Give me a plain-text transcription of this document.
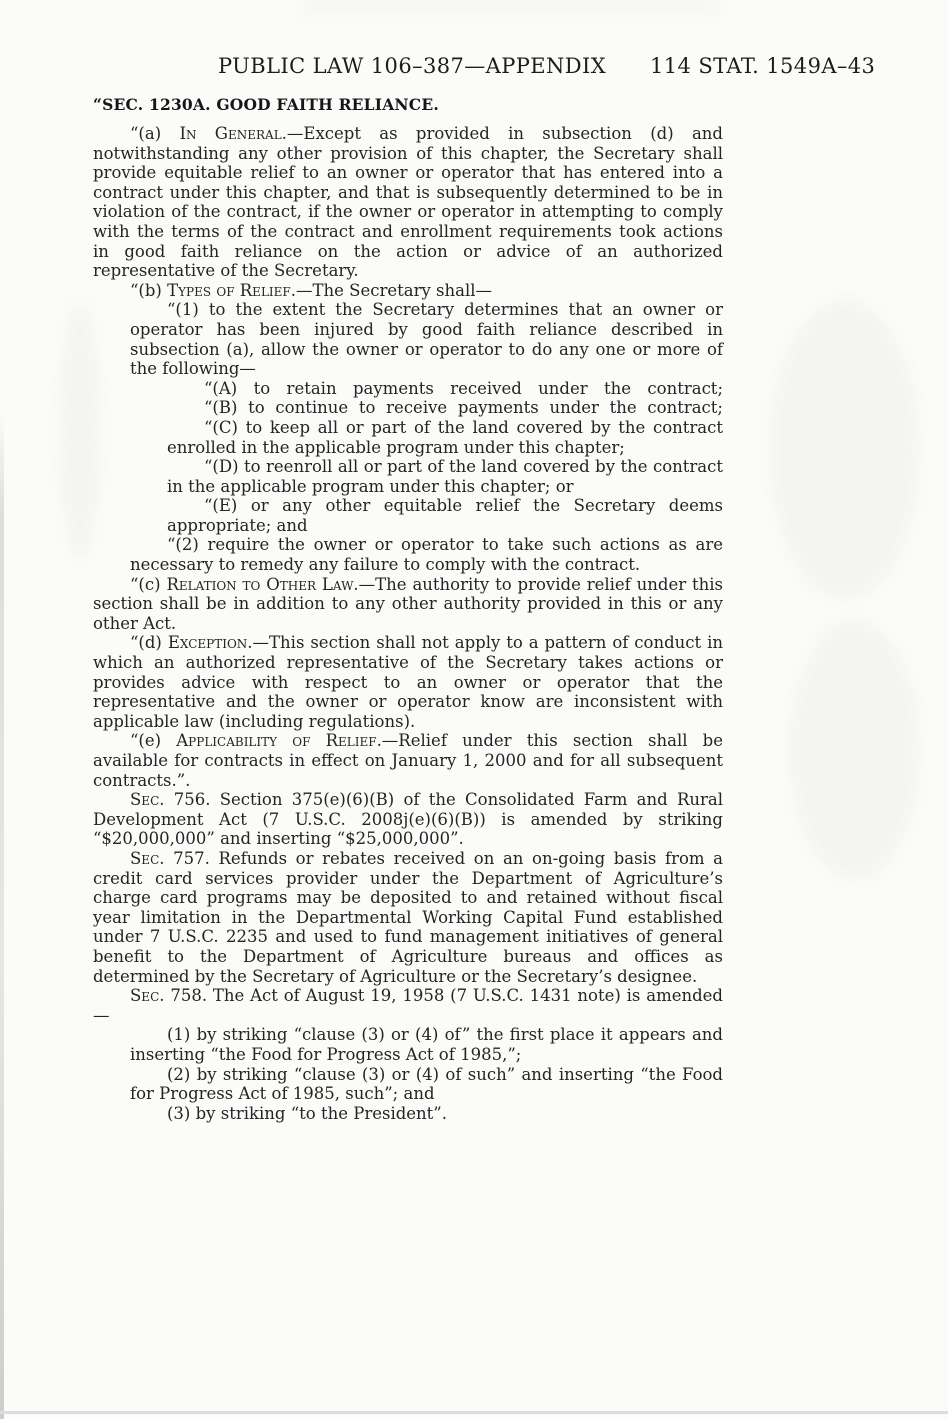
PUBLIC LAW 106–387—APPENDIX 114 STAT. 1549A–43
“SEC. 1230A. GOOD FAITH RELIANCE.

“(a) In General.—Except as provided in subsection (d) and notwithstanding any other provision of this chapter, the Secretary shall provide equitable relief to an owner or operator that has entered into a contract under this chapter, and that is subsequently determined to be in violation of the contract, if the owner or operator in attempting to comply with the terms of the contract and enrollment requirements took actions in good faith reliance on the action or advice of an authorized representative of the Secretary.

“(b) Types of Relief.—The Secretary shall—

“(1) to the extent the Secretary determines that an owner or operator has been injured by good faith reliance described in subsection (a), allow the owner or operator to do any one or more of the following—

“(A) to retain payments received under the contract;

“(B) to continue to receive payments under the contract;

“(C) to keep all or part of the land covered by the contract enrolled in the applicable program under this chapter;

“(D) to reenroll all or part of the land covered by the contract in the applicable program under this chapter; or

“(E) or any other equitable relief the Secretary deems appropriate; and

“(2) require the owner or operator to take such actions as are necessary to remedy any failure to comply with the contract.

“(c) Relation to Other Law.—The authority to provide relief under this section shall be in addition to any other authority provided in this or any other Act.

“(d) Exception.—This section shall not apply to a pattern of conduct in which an authorized representative of the Secretary takes actions or provides advice with respect to an owner or operator that the representative and the owner or operator know are inconsistent with applicable law (including regulations).

“(e) Applicability of Relief.—Relief under this section shall be available for contracts in effect on January 1, 2000 and for all subsequent contracts.”.

Sec. 756. Section 375(e)(6)(B) of the Consolidated Farm and Rural Development Act (7 U.S.C. 2008j(e)(6)(B)) is amended by striking “$20,000,000” and inserting “$25,000,000”.

Sec. 757. Refunds or rebates received on an on-going basis from a credit card services provider under the Department of Agriculture’s charge card programs may be deposited to and retained without fiscal year limitation in the Departmental Working Capital Fund established under 7 U.S.C. 2235 and used to fund management initiatives of general benefit to the Department of Agriculture bureaus and offices as determined by the Secretary of Agriculture or the Secretary’s designee.

Sec. 758. The Act of August 19, 1958 (7 U.S.C. 1431 note) is amended—

(1) by striking “clause (3) or (4) of” the first place it appears and inserting “the Food for Progress Act of 1985,”;

(2) by striking “clause (3) or (4) of such” and inserting “the Food for Progress Act of 1985, such”; and

(3) by striking “to the President”.
